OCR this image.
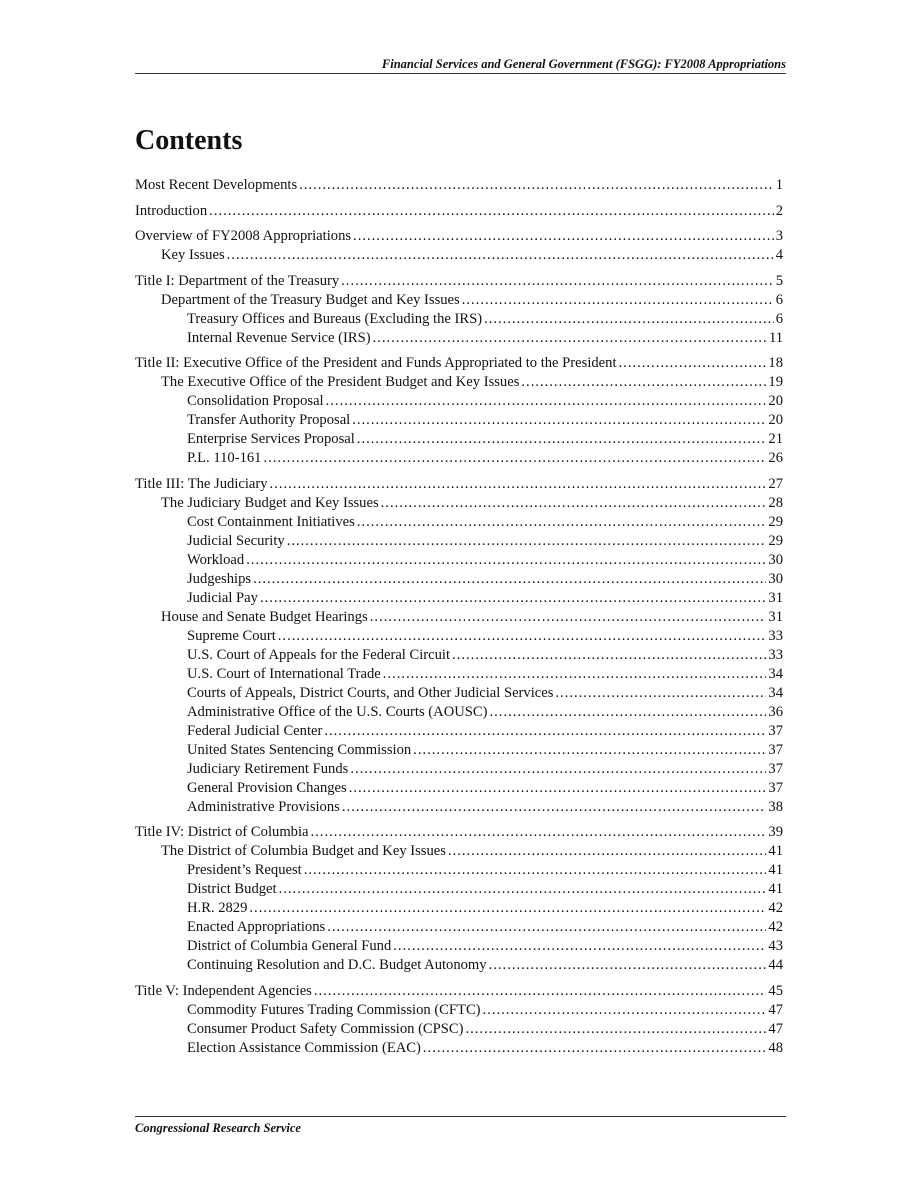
Financial Services and General Government (FSGG): FY2008 Appropriations
Contents
Most Recent Developments .....	1
Introduction .....	2
Overview of FY2008 Appropriations .....	3
Key Issues .....	4
Title I: Department of the Treasury .....	5
Department of the Treasury Budget and Key Issues .....	6
Treasury Offices and Bureaus (Excluding the IRS) .....	6
Internal Revenue Service (IRS) .....	11
Title II: Executive Office of the President and Funds Appropriated to the President .....	18
The Executive Office of the President Budget and Key Issues .....	19
Consolidation Proposal .....	20
Transfer Authority Proposal .....	20
Enterprise Services Proposal .....	21
P.L. 110-161 .....	26
Title III: The Judiciary .....	27
The Judiciary Budget and Key Issues .....	28
Cost Containment Initiatives .....	29
Judicial Security .....	29
Workload .....	30
Judgeships .....	30
Judicial Pay .....	31
House and Senate Budget Hearings .....	31
Supreme Court .....	33
U.S. Court of Appeals for the Federal Circuit .....	33
U.S. Court of International Trade .....	34
Courts of Appeals, District Courts, and Other Judicial Services .....	34
Administrative Office of the U.S. Courts (AOUSC) .....	36
Federal Judicial Center .....	37
United States Sentencing Commission .....	37
Judiciary Retirement Funds .....	37
General Provision Changes .....	37
Administrative Provisions .....	38
Title IV: District of Columbia .....	39
The District of Columbia Budget and Key Issues .....	41
President’s Request .....	41
District Budget .....	41
H.R. 2829 .....	42
Enacted Appropriations .....	42
District of Columbia General Fund .....	43
Continuing Resolution and D.C. Budget Autonomy .....	44
Title V: Independent Agencies .....	45
Commodity Futures Trading Commission (CFTC) .....	47
Consumer Product Safety Commission (CPSC) .....	47
Election Assistance Commission (EAC) .....	48
Congressional Research Service
